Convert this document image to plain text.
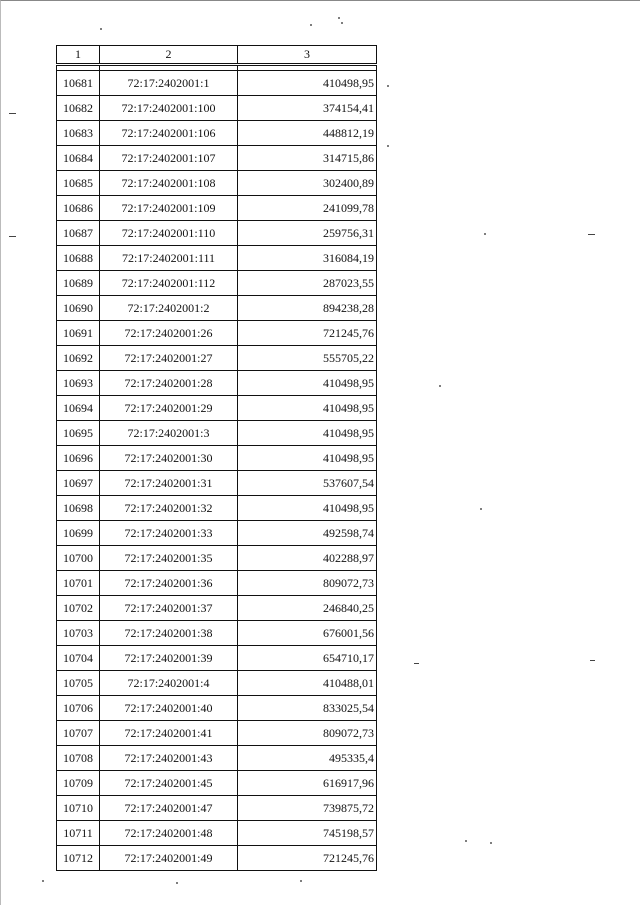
1	2	3

10681	72:17:2402001:1	410498,95
10682	72:17:2402001:100	374154,41
10683	72:17:2402001:106	448812,19
10684	72:17:2402001:107	314715,86
10685	72:17:2402001:108	302400,89
10686	72:17:2402001:109	241099,78
10687	72:17:2402001:110	259756,31
10688	72:17:2402001:111	316084,19
10689	72:17:2402001:112	287023,55
10690	72:17:2402001:2	894238,28
10691	72:17:2402001:26	721245,76
10692	72:17:2402001:27	555705,22
10693	72:17:2402001:28	410498,95
10694	72:17:2402001:29	410498,95
10695	72:17:2402001:3	410498,95
10696	72:17:2402001:30	410498,95
10697	72:17:2402001:31	537607,54
10698	72:17:2402001:32	410498,95
10699	72:17:2402001:33	492598,74
10700	72:17:2402001:35	402288,97
10701	72:17:2402001:36	809072,73
10702	72:17:2402001:37	246840,25
10703	72:17:2402001:38	676001,56
10704	72:17:2402001:39	654710,17
10705	72:17:2402001:4	410488,01
10706	72:17:2402001:40	833025,54
10707	72:17:2402001:41	809072,73
10708	72:17:2402001:43	495335,4
10709	72:17:2402001:45	616917,96
10710	72:17:2402001:47	739875,72
10711	72:17:2402001:48	745198,57
10712	72:17:2402001:49	721245,76
